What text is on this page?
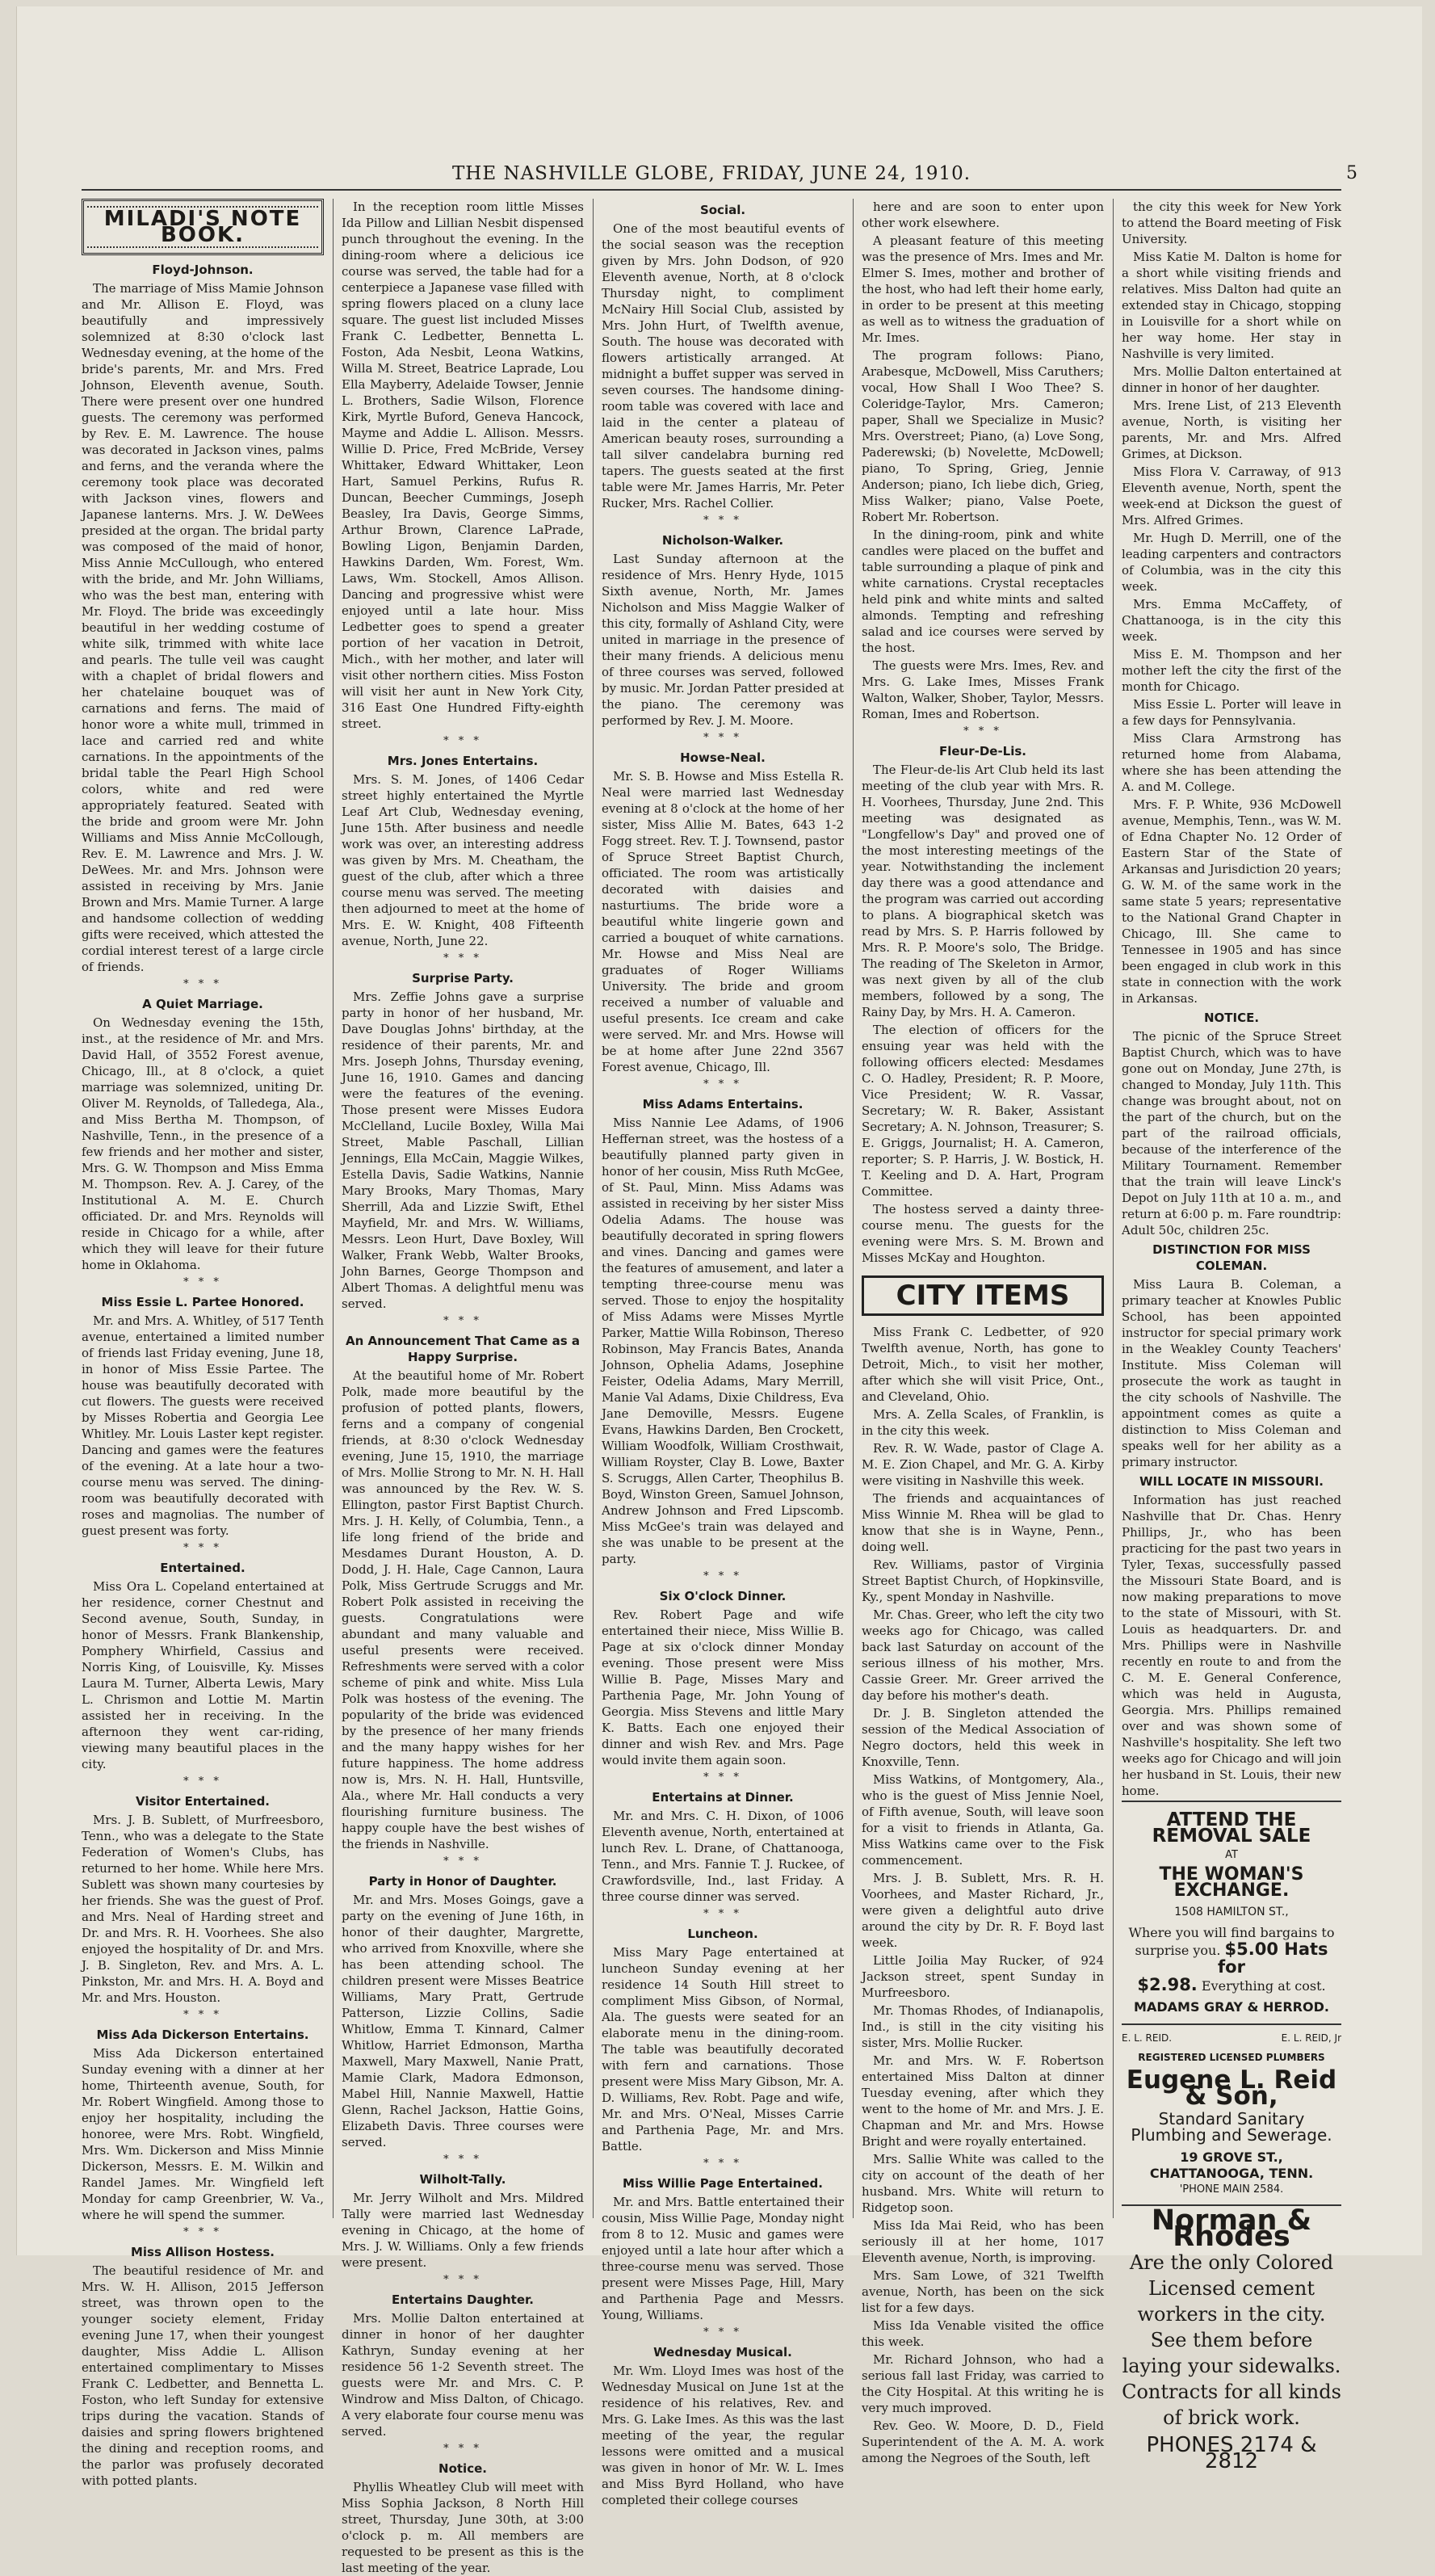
THE NASHVILLE GLOBE, FRIDAY, JUNE 24, 1910.	5
MILADI'S NOTE BOOK.
Floyd-Johnson.

The marriage of Miss Mamie Johnson and Mr. Allison E. Floyd, was beautifully and impressively solemnized at 8:30 o'clock last Wednesday evening, at the home of the bride's parents, Mr. and Mrs. Fred Johnson, Eleventh avenue, South. There were present over one hundred guests. The ceremony was performed by Rev. E. M. Lawrence. The house was decorated in Jackson vines, palms and ferns, and the veranda where the ceremony took place was decorated with Jackson vines, flowers and Japanese lanterns. Mrs. J. W. DeWees presided at the organ. The bridal party was composed of the maid of honor, Miss Annie McCullough, who entered with the bride, and Mr. John Williams, who was the best man, entering with Mr. Floyd. The bride was exceedingly beautiful in her wedding costume of white silk, trimmed with white lace and pearls. The tulle veil was caught with a chaplet of bridal flowers and her chatelaine bouquet was of carnations and ferns. The maid of honor wore a white mull, trimmed in lace and carried red and white carnations. In the appointments of the bridal table the Pearl High School colors, white and red were appropriately featured. Seated with the bride and groom were Mr. John Williams and Miss Annie McCollough, Rev. E. M. Lawrence and Mrs. J. W. DeWees. Mr. and Mrs. Johnson were assisted in receiving by Mrs. Janie Brown and Mrs. Mamie Turner. A large and handsome collection of wedding gifts were received, which attested the cordial interest terest of a large circle of friends.

* * *
A Quiet Marriage.

On Wednesday evening the 15th, inst., at the residence of Mr. and Mrs. David Hall, of 3552 Forest avenue, Chicago, Ill., at 8 o'clock, a quiet marriage was solemnized, uniting Dr. Oliver M. Reynolds, of Talledega, Ala., and Miss Bertha M. Thompson, of Nashville, Tenn., in the presence of a few friends and her mother and sister, Mrs. G. W. Thompson and Miss Emma M. Thompson. Rev. A. J. Carey, of the Institutional A. M. E. Church officiated. Dr. and Mrs. Reynolds will reside in Chicago for a while, after which they will leave for their future home in Oklahoma.

* * *
Miss Essie L. Partee Honored.

Mr. and Mrs. A. Whitley, of 517 Tenth avenue, entertained a limited number of friends last Friday evening, June 18, in honor of Miss Essie Partee. The house was beautifully decorated with cut flowers. The guests were received by Misses Robertia and Georgia Lee Whitley. Mr. Louis Laster kept register. Dancing and games were the features of the evening. At a late hour a two-course menu was served. The dining-room was beautifully decorated with roses and magnolias. The number of guest present was forty.

* * *
Entertained.

Miss Ora L. Copeland entertained at her residence, corner Chestnut and Second avenue, South, Sunday, in honor of Messrs. Frank Blankenship, Pomphery Whirfield, Cassius and Norris King, of Louisville, Ky. Misses Laura M. Turner, Alberta Lewis, Mary L. Chrismon and Lottie M. Martin assisted her in receiving. In the afternoon they went car-riding, viewing many beautiful places in the city.

* * *
Visitor Entertained.

Mrs. J. B. Sublett, of Murfreesboro, Tenn., who was a delegate to the State Federation of Women's Clubs, has returned to her home. While here Mrs. Sublett was shown many courtesies by her friends. She was the guest of Prof. and Mrs. Neal of Harding street and Dr. and Mrs. R. H. Voorhees. She also enjoyed the hospitality of Dr. and Mrs. J. B. Singleton, Rev. and Mrs. A. L. Pinkston, Mr. and Mrs. H. A. Boyd and Mr. and Mrs. Houston.

* * *
Miss Ada Dickerson Entertains.

Miss Ada Dickerson entertained Sunday evening with a dinner at her home, Thirteenth avenue, South, for Mr. Robert Wingfield. Among those to enjoy her hospitality, including the honoree, were Mrs. Robt. Wingfield, Mrs. Wm. Dickerson and Miss Minnie Dickerson, Messrs. E. M. Wilkin and Randel James. Mr. Wingfield left Monday for camp Greenbrier, W. Va., where he will spend the summer.

* * *
Miss Allison Hostess.

The beautiful residence of Mr. and Mrs. W. H. Allison, 2015 Jefferson street, was thrown open to the younger society element, Friday evening June 17, when their youngest daughter, Miss Addie L. Allison entertained complimentary to Misses Frank C. Ledbetter, and Bennetta L. Foston, who left Sunday for extensive trips during the vacation. Stands of daisies and spring flowers brightened the dining and reception rooms, and the parlor was profusely decorated with potted plants.

In the reception room little Misses Ida Pillow and Lillian Nesbit dispensed punch throughout the evening. In the dining-room where a delicious ice course was served, the table had for a centerpiece a Japanese vase filled with spring flowers placed on a cluny lace square. The guest list included Misses Frank C. Ledbetter, Bennetta L. Foston, Ada Nesbit, Leona Watkins, Willa M. Street, Beatrice Laprade, Lou Ella Mayberry, Adelaide Towser, Jennie L. Brothers, Sadie Wilson, Florence Kirk, Myrtle Buford, Geneva Hancock, Mayme and Addie L. Allison. Messrs. Willie D. Price, Fred McBride, Versey Whittaker, Edward Whittaker, Leon Hart, Samuel Perkins, Rufus R. Duncan, Beecher Cummings, Joseph Beasley, Ira Davis, George Simms, Arthur Brown, Clarence LaPrade, Bowling Ligon, Benjamin Darden, Hawkins Darden, Wm. Forest, Wm. Laws, Wm. Stockell, Amos Allison. Dancing and progressive whist were enjoyed until a late hour. Miss Ledbetter goes to spend a greater portion of her vacation in Detroit, Mich., with her mother, and later will visit other northern cities. Miss Foston will visit her aunt in New York City, 316 East One Hundred Fifty-eighth street.

* * *
Mrs. Jones Entertains.

Mrs. S. M. Jones, of 1406 Cedar street highly entertained the Myrtle Leaf Art Club, Wednesday evening, June 15th. After business and needle work was over, an interesting address was given by Mrs. M. Cheatham, the guest of the club, after which a three course menu was served. The meeting then adjourned to meet at the home of Mrs. E. W. Knight, 408 Fifteenth avenue, North, June 22.

* * *
Surprise Party.

Mrs. Zeffie Johns gave a surprise party in honor of her husband, Mr. Dave Douglas Johns' birthday, at the residence of their parents, Mr. and Mrs. Joseph Johns, Thursday evening, June 16, 1910. Games and dancing were the features of the evening. Those present were Misses Eudora McClelland, Lucile Boxley, Willa Mai Street, Mable Paschall, Lillian Jennings, Ella McCain, Maggie Wilkes, Estella Davis, Sadie Watkins, Nannie Mary Brooks, Mary Thomas, Mary Sherrill, Ada and Lizzie Swift, Ethel Mayfield, Mr. and Mrs. W. Williams, Messrs. Leon Hurt, Dave Boxley, Will Walker, Frank Webb, Walter Brooks, John Barnes, George Thompson and Albert Thomas. A delightful menu was served.

* * *
An Announcement That Came as a Happy Surprise.

At the beautiful home of Mr. Robert Polk, made more beautiful by the profusion of potted plants, flowers, ferns and a company of congenial friends, at 8:30 o'clock Wednesday evening, June 15, 1910, the marriage of Mrs. Mollie Strong to Mr. N. H. Hall was announced by the Rev. W. S. Ellington, pastor First Baptist Church. Mrs. J. H. Kelly, of Columbia, Tenn., a life long friend of the bride and Mesdames Durant Houston, A. D. Dodd, J. H. Hale, Cage Cannon, Laura Polk, Miss Gertrude Scruggs and Mr. Robert Polk assisted in receiving the guests. Congratulations were abundant and many valuable and useful presents were received. Refreshments were served with a color scheme of pink and white. Miss Lula Polk was hostess of the evening. The popularity of the bride was evidenced by the presence of her many friends and the many happy wishes for her future happiness. The home address now is, Mrs. N. H. Hall, Huntsville, Ala., where Mr. Hall conducts a very flourishing furniture business. The happy couple have the best wishes of the friends in Nashville.

* * *
Party in Honor of Daughter.

Mr. and Mrs. Moses Goings, gave a party on the evening of June 16th, in honor of their daughter, Margrette, who arrived from Knoxville, where she has been attending school. The children present were Misses Beatrice Williams, Mary Pratt, Gertrude Patterson, Lizzie Collins, Sadie Whitlow, Emma T. Kinnard, Calmer Whitlow, Harriet Edmonson, Martha Maxwell, Mary Maxwell, Nanie Pratt, Mamie Clark, Madora Edmonson, Mabel Hill, Nannie Maxwell, Hattie Glenn, Rachel Jackson, Hattie Goins, Elizabeth Davis. Three courses were served.

* * *
Wilholt-Tally.

Mr. Jerry Wilholt and Mrs. Mildred Tally were married last Wednesday evening in Chicago, at the home of Mrs. J. W. Williams. Only a few friends were present.

* * *
Entertains Daughter.

Mrs. Mollie Dalton entertained at dinner in honor of her daughter Kathryn, Sunday evening at her residence 56 1-2 Seventh street. The guests were Mr. and Mrs. C. P. Windrow and Miss Dalton, of Chicago. A very elaborate four course menu was served.

* * *
Notice.

Phyllis Wheatley Club will meet with Miss Sophia Jackson, 8 North Hill street, Thursday, June 30th, at 3:00 o'clock p. m. All members are requested to be present as this is the last meeting of the year.

Social.

One of the most beautiful events of the social season was the reception given by Mrs. John Dodson, of 920 Eleventh avenue, North, at 8 o'clock Thursday night, to compliment McNairy Hill Social Club, assisted by Mrs. John Hurt, of Twelfth avenue, South. The house was decorated with flowers artistically arranged. At midnight a buffet supper was served in seven courses. The handsome dining-room table was covered with lace and laid in the center a plateau of American beauty roses, surrounding a tall silver candelabra burning red tapers. The guests seated at the first table were Mr. James Harris, Mr. Peter Rucker, Mrs. Rachel Collier.

* * *
Nicholson-Walker.

Last Sunday afternoon at the residence of Mrs. Henry Hyde, 1015 Sixth avenue, North, Mr. James Nicholson and Miss Maggie Walker of this city, formally of Ashland City, were united in marriage in the presence of their many friends. A delicious menu of three courses was served, followed by music. Mr. Jordan Patter presided at the piano. The ceremony was performed by Rev. J. M. Moore.

* * *
Howse-Neal.

Mr. S. B. Howse and Miss Estella R. Neal were married last Wednesday evening at 8 o'clock at the home of her sister, Miss Allie M. Bates, 643 1-2 Fogg street. Rev. T. J. Townsend, pastor of Spruce Street Baptist Church, officiated. The room was artistically decorated with daisies and nasturtiums. The bride wore a beautiful white lingerie gown and carried a bouquet of white carnations. Mr. Howse and Miss Neal are graduates of Roger Williams University. The bride and groom received a number of valuable and useful presents. Ice cream and cake were served. Mr. and Mrs. Howse will be at home after June 22nd 3567 Forest avenue, Chicago, Ill.

* * *
Miss Adams Entertains.

Miss Nannie Lee Adams, of 1906 Heffernan street, was the hostess of a beautifully planned party given in honor of her cousin, Miss Ruth McGee, of St. Paul, Minn. Miss Adams was assisted in receiving by her sister Miss Odelia Adams. The house was beautifully decorated in spring flowers and vines. Dancing and games were the features of amusement, and later a tempting three-course menu was served. Those to enjoy the hospitality of Miss Adams were Misses Myrtle Parker, Mattie Willa Robinson, Thereso Robinson, May Francis Bates, Ananda Johnson, Ophelia Adams, Josephine Feister, Odelia Adams, Mary Merrill, Manie Val Adams, Dixie Childress, Eva Jane Demoville, Messrs. Eugene Evans, Hawkins Darden, Ben Crockett, William Woodfolk, William Crosthwait, William Royster, Clay B. Lowe, Baxter S. Scruggs, Allen Carter, Theophilus B. Boyd, Winston Green, Samuel Johnson, Andrew Johnson and Fred Lipscomb. Miss McGee's train was delayed and she was unable to be present at the party.

* * *
Six O'clock Dinner.

Rev. Robert Page and wife entertained their niece, Miss Willie B. Page at six o'clock dinner Monday evening. Those present were Miss Willie B. Page, Misses Mary and Parthenia Page, Mr. John Young of Georgia. Miss Stevens and little Mary K. Batts. Each one enjoyed their dinner and wish Rev. and Mrs. Page would invite them again soon.

* * *
Entertains at Dinner.

Mr. and Mrs. C. H. Dixon, of 1006 Eleventh avenue, North, entertained at lunch Rev. L. Drane, of Chattanooga, Tenn., and Mrs. Fannie T. J. Ruckee, of Crawfordsville, Ind., last Friday. A three course dinner was served.

* * *
Luncheon.

Miss Mary Page entertained at luncheon Sunday evening at her residence 14 South Hill street to compliment Miss Gibson, of Normal, Ala. The guests were seated for an elaborate menu in the dining-room. The table was beautifully decorated with fern and carnations. Those present were Miss Mary Gibson, Mr. A. D. Williams, Rev. Robt. Page and wife, Mr. and Mrs. O'Neal, Misses Carrie and Parthenia Page, Mr. and Mrs. Battle.

* * *
Miss Willie Page Entertained.

Mr. and Mrs. Battle entertained their cousin, Miss Willie Page, Monday night from 8 to 12. Music and games were enjoyed until a late hour after which a three-course menu was served. Those present were Misses Page, Hill, Mary and Parthenia Page and Messrs. Young, Williams.

* * *
Wednesday Musical.

Mr. Wm. Lloyd Imes was host of the Wednesday Musical on June 1st at the residence of his relatives, Rev. and Mrs. G. Lake Imes. As this was the last meeting of the year, the regular lessons were omitted and a musical was given in honor of Mr. W. L. Imes and Miss Byrd Holland, who have completed their college courses

here and are soon to enter upon other work elsewhere.

A pleasant feature of this meeting was the presence of Mrs. Imes and Mr. Elmer S. Imes, mother and brother of the host, who had left their home early, in order to be present at this meeting as well as to witness the graduation of Mr. Imes.

The program follows: Piano, Arabesque, McDowell, Miss Caruthers; vocal, How Shall I Woo Thee? S. Coleridge-Taylor, Mrs. Cameron; paper, Shall we Specialize in Music? Mrs. Overstreet; Piano, (a) Love Song, Paderewski; (b) Novelette, McDowell; piano, To Spring, Grieg, Jennie Anderson; piano, Ich liebe dich, Grieg, Miss Walker; piano, Valse Poete, Robert Mr. Robertson.

In the dining-room, pink and white candles were placed on the buffet and table surrounding a plaque of pink and white carnations. Crystal receptacles held pink and white mints and salted almonds. Tempting and refreshing salad and ice courses were served by the host.

The guests were Mrs. Imes, Rev. and Mrs. G. Lake Imes, Misses Frank Walton, Walker, Shober, Taylor, Messrs. Roman, Imes and Robertson.

* * *
Fleur-De-Lis.

The Fleur-de-lis Art Club held its last meeting of the club year with Mrs. R. H. Voorhees, Thursday, June 2nd. This meeting was designated as "Longfellow's Day" and proved one of the most interesting meetings of the year. Notwithstanding the inclement day there was a good attendance and the program was carried out according to plans. A biographical sketch was read by Mrs. S. P. Harris followed by Mrs. R. P. Moore's solo, The Bridge. The reading of The Skeleton in Armor, was next given by all of the club members, followed by a song, The Rainy Day, by Mrs. H. A. Cameron.

The election of officers for the ensuing year was held with the following officers elected: Mesdames C. O. Hadley, President; R. P. Moore, Vice President; W. R. Vassar, Secretary; W. R. Baker, Assistant Secretary; A. N. Johnson, Treasurer; S. E. Griggs, Journalist; H. A. Cameron, reporter; S. P. Harris, J. W. Bostick, H. T. Keeling and D. A. Hart, Program Committee.

The hostess served a dainty three-course menu. The guests for the evening were Mrs. S. M. Brown and Misses McKay and Houghton.

CITY ITEMS

Miss Frank C. Ledbetter, of 920 Twelfth avenue, North, has gone to Detroit, Mich., to visit her mother, after which she will visit Price, Ont., and Cleveland, Ohio.

Mrs. A. Zella Scales, of Franklin, is in the city this week.

Rev. R. W. Wade, pastor of Clage A. M. E. Zion Chapel, and Mr. G. A. Kirby were visiting in Nashville this week.

The friends and acquaintances of Miss Winnie M. Rhea will be glad to know that she is in Wayne, Penn., doing well.

Rev. Williams, pastor of Virginia Street Baptist Church, of Hopkinsville, Ky., spent Monday in Nashville.

Mr. Chas. Greer, who left the city two weeks ago for Chicago, was called back last Saturday on account of the serious illness of his mother, Mrs. Cassie Greer. Mr. Greer arrived the day before his mother's death.

Dr. J. B. Singleton attended the session of the Medical Association of Negro doctors, held this week in Knoxville, Tenn.

Miss Watkins, of Montgomery, Ala., who is the guest of Miss Jennie Noel, of Fifth avenue, South, will leave soon for a visit to friends in Atlanta, Ga. Miss Watkins came over to the Fisk commencement.

Mrs. J. B. Sublett, Mrs. R. H. Voorhees, and Master Richard, Jr., were given a delightful auto drive around the city by Dr. R. F. Boyd last week.

Little Joilia May Rucker, of 924 Jackson street, spent Sunday in Murfreesboro.

Mr. Thomas Rhodes, of Indianapolis, Ind., is still in the city visiting his sister, Mrs. Mollie Rucker.

Mr. and Mrs. W. F. Robertson entertained Miss Dalton at dinner Tuesday evening, after which they went to the home of Mr. and Mrs. J. E. Chapman and Mr. and Mrs. Howse Bright and were royally entertained.

Mrs. Sallie White was called to the city on account of the death of her husband. Mrs. White will return to Ridgetop soon.

Miss Ida Mai Reid, who has been seriously ill at her home, 1017 Eleventh avenue, North, is improving.

Mrs. Sam Lowe, of 321 Twelfth avenue, North, has been on the sick list for a few days.

Miss Ida Venable visited the office this week.

Mr. Richard Johnson, who had a serious fall last Friday, was carried to the City Hospital. At this writing he is very much improved.

Rev. Geo. W. Moore, D. D., Field Superintendent of the A. M. A. work among the Negroes of the South, left

the city this week for New York to attend the Board meeting of Fisk University.

Miss Katie M. Dalton is home for a short while visiting friends and relatives. Miss Dalton had quite an extended stay in Chicago, stopping in Louisville for a short while on her way home. Her stay in Nashville is very limited.

Mrs. Mollie Dalton entertained at dinner in honor of her daughter.

Mrs. Irene List, of 213 Eleventh avenue, North, is visiting her parents, Mr. and Mrs. Alfred Grimes, at Dickson.

Miss Flora V. Carraway, of 913 Eleventh avenue, North, spent the week-end at Dickson the guest of Mrs. Alfred Grimes.

Mr. Hugh D. Merrill, one of the leading carpenters and contractors of Columbia, was in the city this week.

Mrs. Emma McCaffety, of Chattanooga, is in the city this week.

Miss E. M. Thompson and her mother left the city the first of the month for Chicago.

Miss Essie L. Porter will leave in a few days for Pennsylvania.

Miss Clara Armstrong has returned home from Alabama, where she has been attending the A. and M. College.

Mrs. F. P. White, 936 McDowell avenue, Memphis, Tenn., was W. M. of Edna Chapter No. 12 Order of Eastern Star of the State of Arkansas and Jurisdiction 20 years; G. W. M. of the same work in the same state 5 years; representative to the National Grand Chapter in Chicago, Ill. She came to Tennessee in 1905 and has since been engaged in club work in this state in connection with the work in Arkansas.

NOTICE.

The picnic of the Spruce Street Baptist Church, which was to have gone out on Monday, June 27th, is changed to Monday, July 11th. This change was brought about, not on the part of the church, but on the part of the railroad officials, because of the interference of the Military Tournament. Remember that the train will leave Linck's Depot on July 11th at 10 a. m., and return at 6:00 p. m. Fare roundtrip: Adult 50c, children 25c.

DISTINCTION FOR MISS COLEMAN.

Miss Laura B. Coleman, a primary teacher at Knowles Public School, has been appointed instructor for special primary work in the Weakley County Teachers' Institute. Miss Coleman will prosecute the work as taught in the city schools of Nashville. The appointment comes as quite a distinction to Miss Coleman and speaks well for her ability as a primary instructor.

WILL LOCATE IN MISSOURI.

Information has just reached Nashville that Dr. Chas. Henry Phillips, Jr., who has been practicing for the past two years in Tyler, Texas, successfully passed the Missouri State Board, and is now making preparations to move to the state of Missouri, with St. Louis as headquarters. Dr. and Mrs. Phillips were in Nashville recently en route to and from the C. M. E. General Conference, which was held in Augusta, Georgia. Mrs. Phillips remained over and was shown some of Nashville's hospitality. She left two weeks ago for Chicago and will join her husband in St. Louis, their new home.

ATTEND THE REMOVAL SALE
AT
THE WOMAN'S EXCHANGE.
1508 HAMILTON ST.,
Where you will find bargains to surprise you. $5.00 Hats for
$2.98. Everything at cost.
MADAMS GRAY & HERROD.
E. L. REID.	E. L. REID, Jr
REGISTERED LICENSED PLUMBERS
Eugene L. Reid & Son,
Standard Sanitary Plumbing and Sewerage.
19 GROVE ST., CHATTANOOGA, TENN.
'PHONE MAIN 2584.
Norman & Rhodes
Are the only Colored Licensed cement workers in the city. See them before laying your sidewalks. Contracts for all kinds of brick work.
PHONES 2174 & 2812
